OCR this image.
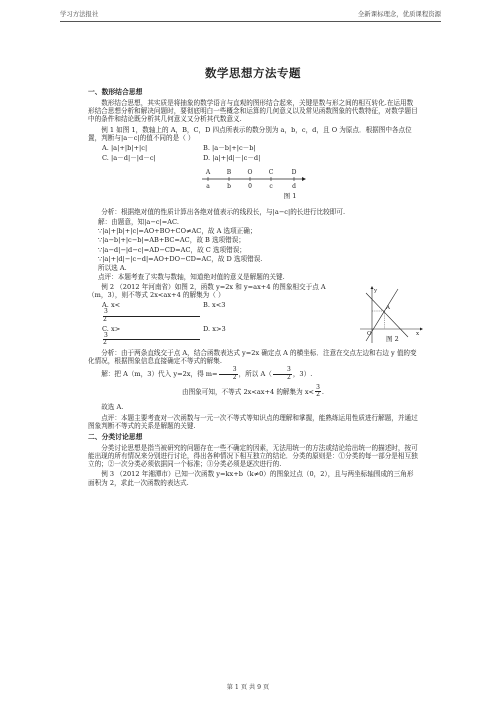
学习方法报社	全新课标理念，优质课程资源
数学思想方法专题
一、数形结合思想

数形结合思想，其实质是将抽象的数学语言与直观的图形结合起来，关键是数与形之间的相互转化.在运用数形结合思想分析和解决问题时，要彻底明白一些概念和运算的几何意义以及常见函数图象的代数特征，对数学题目中的条件和结论既分析其几何意义又分析其代数意义.

例 1 如图 1，数轴上的 A，B，C，D 四点所表示的数分别为 a，b，c，d，且 O 为原点．根据图中各点位置，判断与|a－c|的值不同的是（ ）

A. |a|+|b|+|c|	B. |a－b|+|c－b|
C. |a－d|－|d－c|	D. |a|+|d|－|c－d|
A	B	O	C	D
a	b	0	c	d
图 1

分析：根据绝对值的性质计算出各绝对值表示的线段长，与|a−c|的长进行比较即可.

解：由题意，知|a−c|=AC.

∵|a|+|b|+|c|=AO+BO+CO≠AC，故 A 选项正确；

∵|a−b|+|c−b|=AB+BC=AC，故 B 选项错误；

∵|a−d|−|d−c|=AD−CD=AC，故 C 选项错误；

∵|a|+|d|−|c−d|=AO+DO−CD=AC，故 D 选项错误.

所以选 A.

点评：本题考查了实数与数轴，知道绝对值的意义是解题的关键.

例 2 （2012 年河南省）如图 2，函数 y=2x 和 y=ax+4 的图象相交于点 A（m，3），则不等式 2x<ax+4 的解集为（ ）

A. $x<\frac{3}{2}$
B. x<3
C. $x>\frac{3}{2}$
D. x>3
y
x
O
A
图 2

分析：由于两条直线交于点 A，结合函数表达式 y=2x 确定点 A 的横坐标．注意在交点左边和右边 y 值的变化情况，根据图象信息直接确定不等式的解集.

解：把 A（m，3）代入 y=2x，得 $m= \frac{3}{2}$ ，所以 $A( \frac{3}{2}$ ，3）.

由图象可知，不等式 2x<ax+4 的解集为 $x< \frac{3}{2}$ .

故选 A.

点评：本题主要考查对一次函数与一元一次不等式等知识点的理解和掌握，能熟练运用性质进行解题，并通过图象判断不等式的关系是解题的关键.

二、分类讨论思想

分类讨论思想是指当被研究的问题存在一些不确定的因素，无法用统一的方法或结论给出统一的描述时，按可能出现的所有情况来分别进行讨论，得出各种情况下相互独立的结论．分类的原则是：①分类的每一部分是相互独立的；②一次分类必须依据同一个标准；③分类必须是逐次进行的.

例 3 （2012 年湘潭市）已知一次函数 y=kx+b（k≠0）的图象过点（0，2），且与两坐标轴围成的三角形面积为 2，求此一次函数的表达式.

第 1 页 共 9 页
